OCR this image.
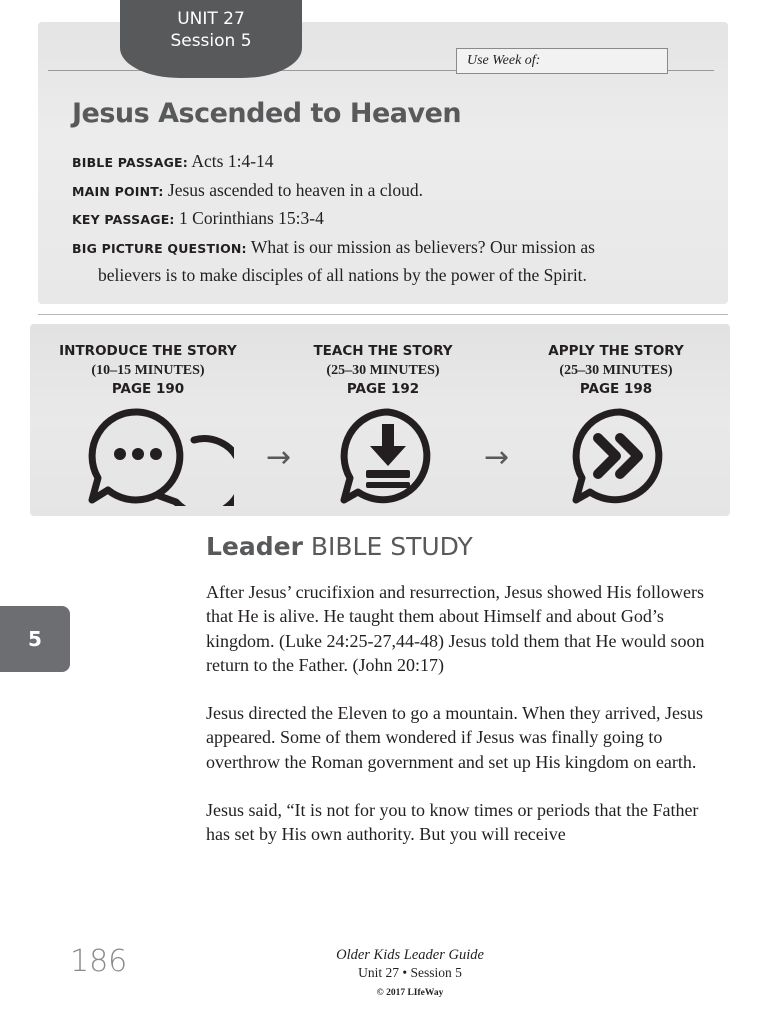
UNIT 27
Session 5
Use Week of:
Jesus Ascended to Heaven
BIBLE PASSAGE: Acts 1:4-14
MAIN POINT: Jesus ascended to heaven in a cloud.
KEY PASSAGE: 1 Corinthians 15:3-4
BIG PICTURE QUESTION: What is our mission as believers? Our mission as
believers is to make disciples of all nations by the power of the Spirit.
INTRODUCE THE STORY
(10–15 MINUTES)
PAGE 190
TEACH THE STORY
(25–30 MINUTES)
PAGE 192
APPLY THE STORY
(25–30 MINUTES)
PAGE 198
→	→
Leader BIBLE STUDY

After Jesus’ crucifixion and resurrection, Jesus showed His followers that He is alive. He taught them about Himself and about God’s kingdom. (Luke 24:25-27,44-48) Jesus told them that He would soon return to the Father. (John 20:17)

Jesus directed the Eleven to go a mountain. When they arrived, Jesus appeared. Some of them wondered if Jesus was finally going to overthrow the Roman government and set up His kingdom on earth.

Jesus said, “It is not for you to know times or periods that the Father has set by His own authority. But you will receive

5
186	Older Kids Leader Guide
Unit 27 • Session 5
© 2017 LIfeWay
